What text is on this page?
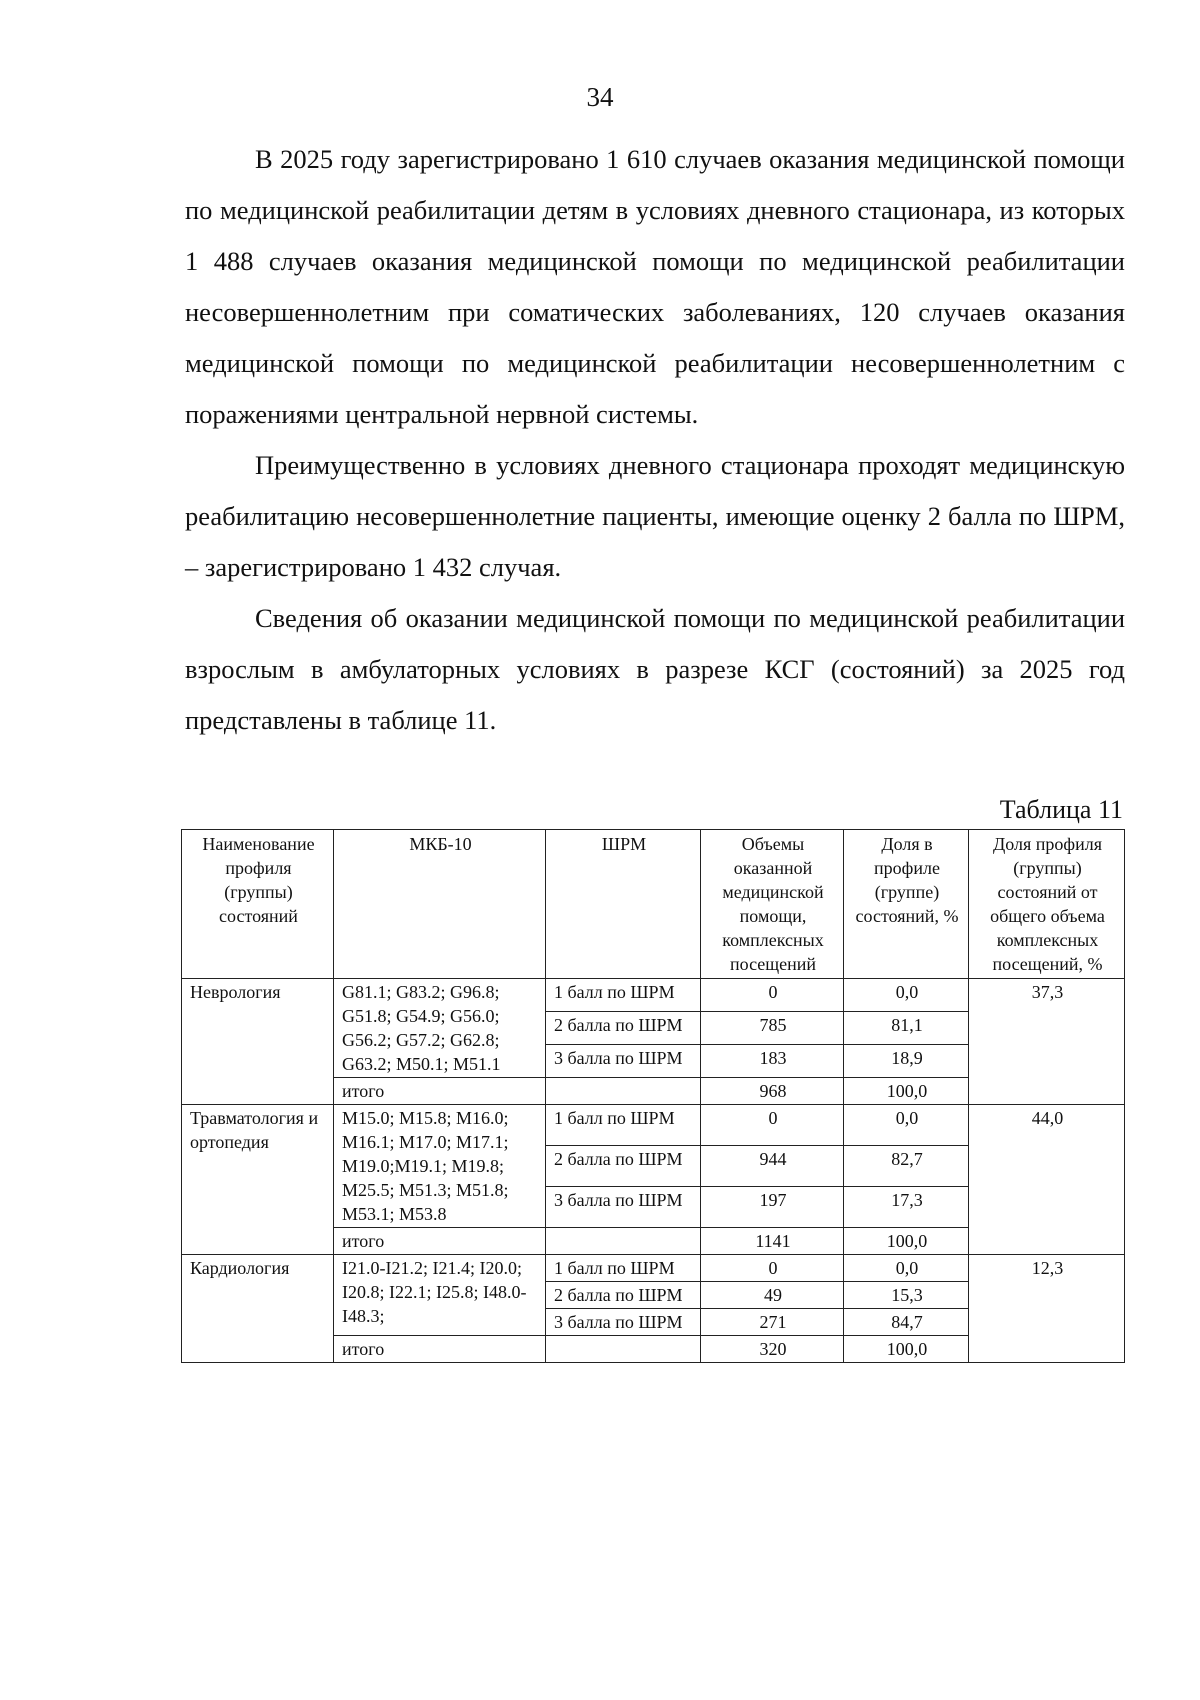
34

В 2025 году зарегистрировано 1 610 случаев оказания медицинской помощи по медицинской реабилитации детям в условиях дневного стационара, из которых 1 488 случаев оказания медицинской помощи по медицинской реабилитации несовершеннолетним при соматических заболеваниях, 120 случаев оказания медицинской помощи по медицинской реабилитации несовершеннолетним с поражениями центральной нервной системы.

Преимущественно в условиях дневного стационара проходят медицинскую реабилитацию несовершеннолетние пациенты, имеющие оценку 2 балла по ШРМ, – зарегистрировано 1 432 случая.

Сведения об оказании медицинской помощи по медицинской реабилитации взрослым в амбулаторных условиях в разрезе КСГ (состояний) за 2025 год представлены в таблице 11.

Таблица 11
Наименование профиля (группы) состояний	МКБ-10	ШРМ	Объемы оказанной медицинской помощи, комплексных посещений	Доля в профиле (группе) состояний, %	Доля профиля (группы) состояний от общего объема комплексных посещений, %
Неврология	G81.1; G83.2; G96.8; G51.8; G54.9; G56.0; G56.2; G57.2; G62.8; G63.2; M50.1; M51.1	1 балл по ШРМ	0	0,0	37,3
		2 балла по ШРМ	785	81,1	
		3 балла по ШРМ	183	18,9	
	итого		968	100,0	
Травматология и ортопедия	M15.0; M15.8; M16.0; M16.1; M17.0; M17.1; M19.0;M19.1; M19.8; M25.5; M51.3; M51.8; M53.1; M53.8	1 балл по ШРМ	0	0,0	44,0
		2 балла по ШРМ	944	82,7	
		3 балла по ШРМ	197	17,3	
	итого		1141	100,0	
Кардиология	I21.0-I21.2; I21.4; I20.0; I20.8; I22.1; I25.8; I48.0-I48.3;	1 балл по ШРМ	0	0,0	12,3
		2 балла по ШРМ	49	15,3	
		3 балла по ШРМ	271	84,7	
	итого		320	100,0	
